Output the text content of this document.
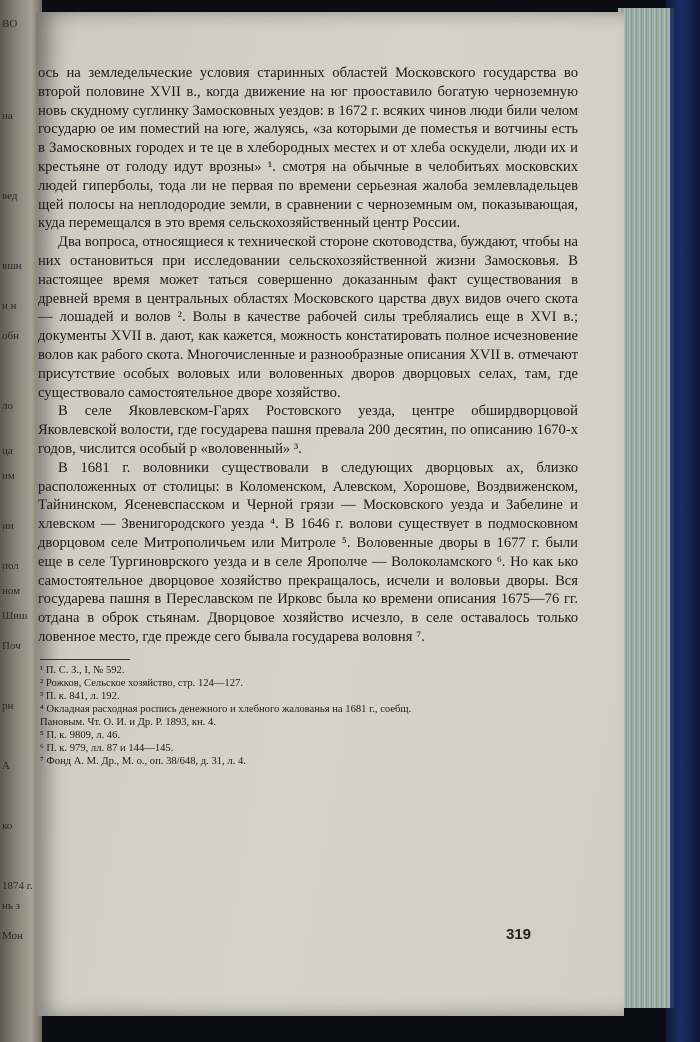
ВО
на
вед
вшн
и н
обн
ло
ца
им
ии
пол
ном
Шиш
Поч
рн
А
ко
1874 г.
нь з
Мон

ось на земледельческие условия старинных областей Московского государства во второй половине XVII в., когда движение на юг прооставило богатую черноземную новь скудному суглинку Замосковных уездов: в 1672 г. всяких чинов люди били челом государю ое им поместий на юге, жалуясь, «за которыми де поместья и вотчины есть в Замосковных городех и те це в хлебородных местех и от хлеба оскудели, люди их и крестьяне от голоду идут врозны» ¹. смотря на обычные в челобитьях московских людей гиперболы, тода ли не первая по времени серьезная жалоба землевладельцев щей полосы на неплодородие земли, в сравнении с черноземным ом, показывающая, куда перемещался в это время сельскохозяйственный центр России.

Два вопроса, относящиеся к технической стороне скотоводства, буждают, чтобы на них остановиться при исследовании сельскохозяйственной жизни Замосковья. В настоящее время может таться совершенно доказанным факт существования в древней время в центральных областях Московского царства двух видов очего скота — лошадей и волов ². Волы в качестве рабочей силы требляались еще в XVI в.; документы XVII в. дают, как кажется, можность констатировать полное исчезновение волов как рабого скота. Многочисленные и разнообразные описания XVII в. отмечают присутствие особых воловых или воловенных дворов дворцовых селах, там, где существовало самостоятельное дворе хозяйство.

В селе Яковлевском-Гарях Ростовского уезда, центре обширдворцовой Яковлевской волости, где государева пашня превала 200 десятин, по описанию 1670-х годов, числится особый р «воловенный» ³.

В 1681 г. воловники существовали в следующих дворцовых ах, близко расположенных от столицы: в Коломенском, Алевском, Хорошове, Воздвиженском, Тайнинском, Ясеневспасском и Черной грязи — Московского уезда и Забелине и хлевском — Звенигородского уезда ⁴. В 1646 г. волови существует в подмосковном дворцовом селе Митрополичьем или Митроле ⁵. Воловенные дворы в 1677 г. были еще в селе Тургиноврского уезда и в селе Ярополче — Волоколамского ⁶. Но как ько самостоятельное дворцовое хозяйство прекращалось, исчели и воловьи дворы. Вся государева пашня в Переславском пе Ирковс была ко времени описания 1675—76 гг. отдана в оброк стьянам. Дворцовое хозяйство исчезло, в селе оставалось только ловенное место, где прежде сего бывала государева воловня ⁷.

¹ П. С. З., I, № 592.
² Рожков, Сельское хозяйство, стр. 124—127.
³ П. к. 841, л. 192.
⁴ Окладная расходная роспись денежного и хлебного жалованья на 1681 г., соебщ.
Пановым. Чт. О. И. и Др. Р. 1893, кн. 4.
⁵ П. к. 9809, л. 46.
⁶ П. к. 979, лл. 87 и 144—145.
⁷ Фонд А. М. Др., М. о., оп. 38/648, д. 31, л. 4.
319
